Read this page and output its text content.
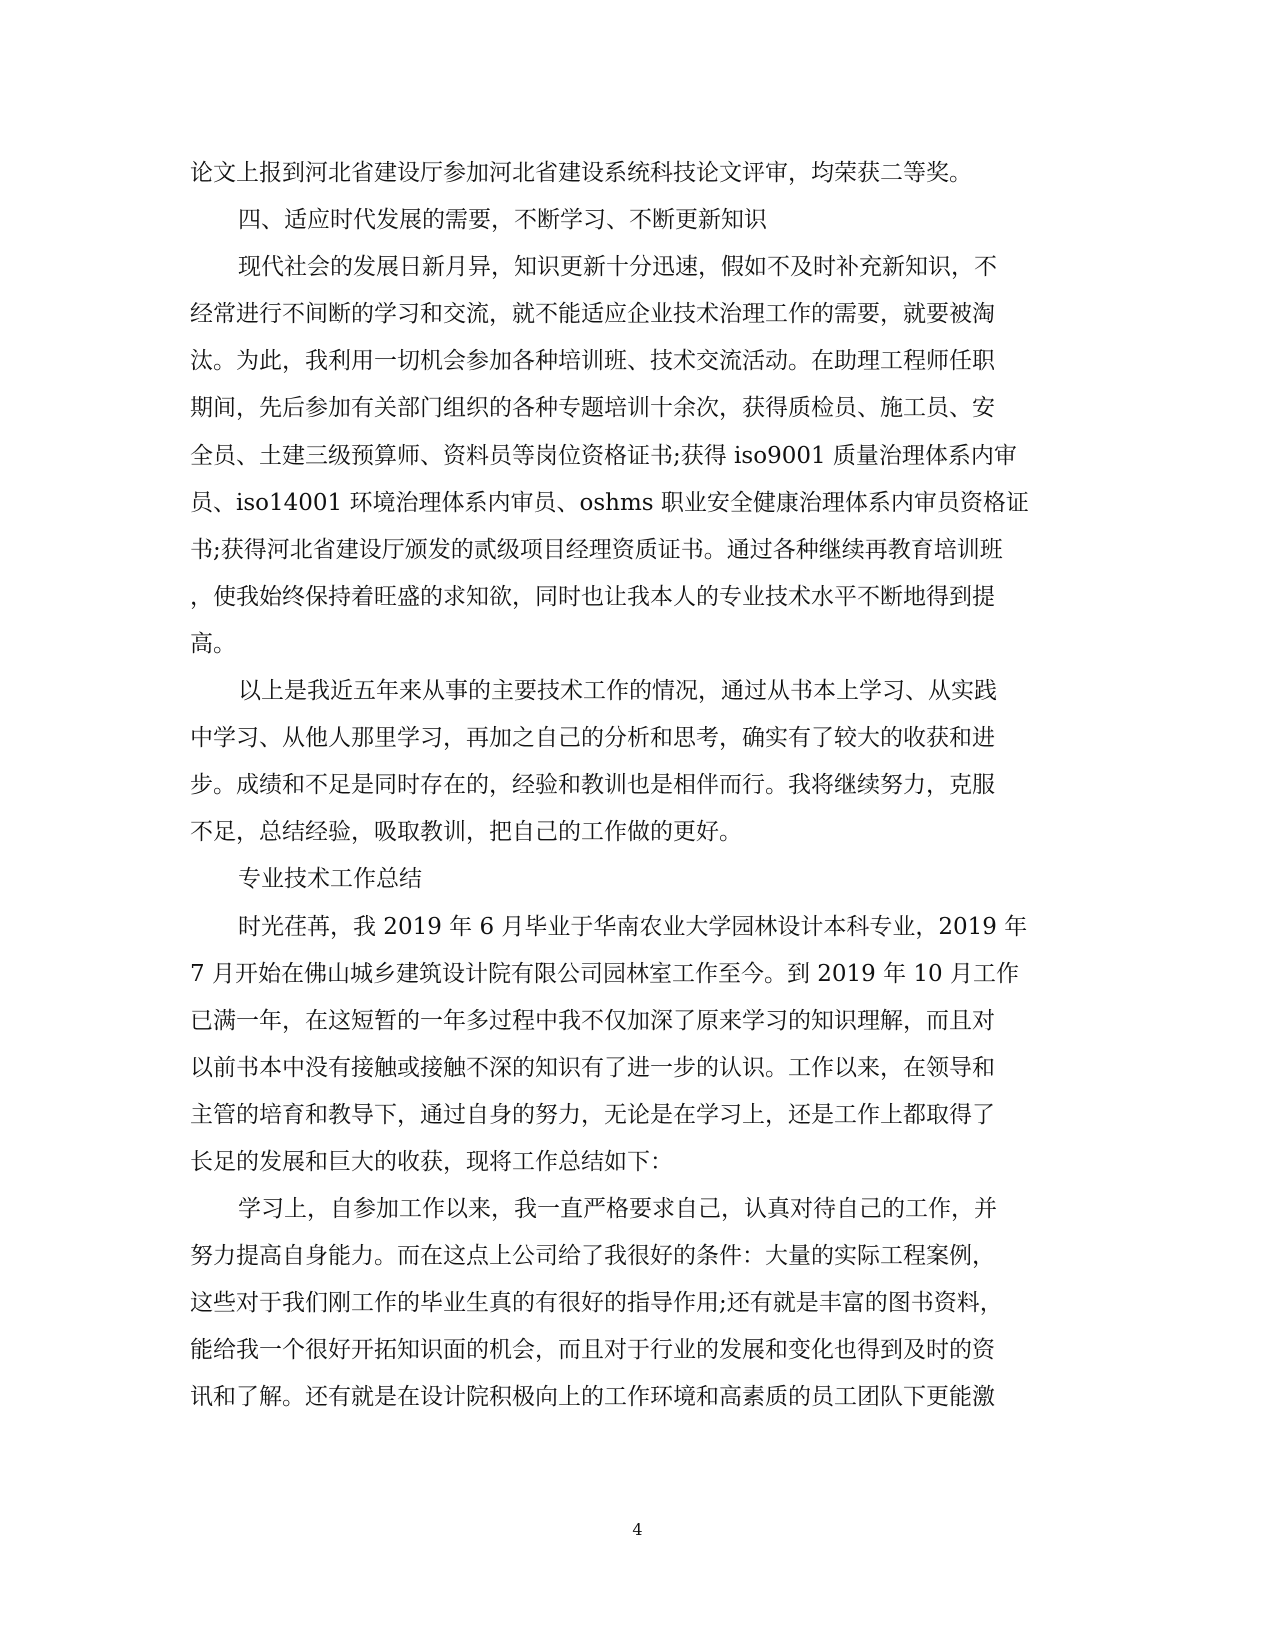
论文上报到河北省建设厅参加河北省建设系统科技论文评审，均荣获二等奖。
四、适应时代发展的需要，不断学习、不断更新知识
现代社会的发展日新月异，知识更新十分迅速，假如不及时补充新知识，不
经常进行不间断的学习和交流，就不能适应企业技术治理工作的需要，就要被淘
汰。为此，我利用一切机会参加各种培训班、技术交流活动。在助理工程师任职
期间，先后参加有关部门组织的各种专题培训十余次，获得质检员、施工员、安
全员、土建三级预算师、资料员等岗位资格证书;获得 iso9001 质量治理体系内审
员、iso14001 环境治理体系内审员、oshms 职业安全健康治理体系内审员资格证
书;获得河北省建设厅颁发的贰级项目经理资质证书。通过各种继续再教育培训班
，使我始终保持着旺盛的求知欲，同时也让我本人的专业技术水平不断地得到提
高。
以上是我近五年来从事的主要技术工作的情况，通过从书本上学习、从实践
中学习、从他人那里学习，再加之自己的分析和思考，确实有了较大的收获和进
步。成绩和不足是同时存在的，经验和教训也是相伴而行。我将继续努力，克服
不足，总结经验，吸取教训，把自己的工作做的更好。
专业技术工作总结
时光荏苒，我 2019 年 6 月毕业于华南农业大学园林设计本科专业，2019 年
7 月开始在佛山城乡建筑设计院有限公司园林室工作至今。到 2019 年 10 月工作
已满一年，在这短暂的一年多过程中我不仅加深了原来学习的知识理解，而且对
以前书本中没有接触或接触不深的知识有了进一步的认识。工作以来，在领导和
主管的培育和教导下，通过自身的努力，无论是在学习上，还是工作上都取得了
长足的发展和巨大的收获，现将工作总结如下：
学习上，自参加工作以来，我一直严格要求自己，认真对待自己的工作，并
努力提高自身能力。而在这点上公司给了我很好的条件：大量的实际工程案例，
这些对于我们刚工作的毕业生真的有很好的指导作用;还有就是丰富的图书资料，
能给我一个很好开拓知识面的机会，而且对于行业的发展和变化也得到及时的资
讯和了解。还有就是在设计院积极向上的工作环境和高素质的员工团队下更能激
4
